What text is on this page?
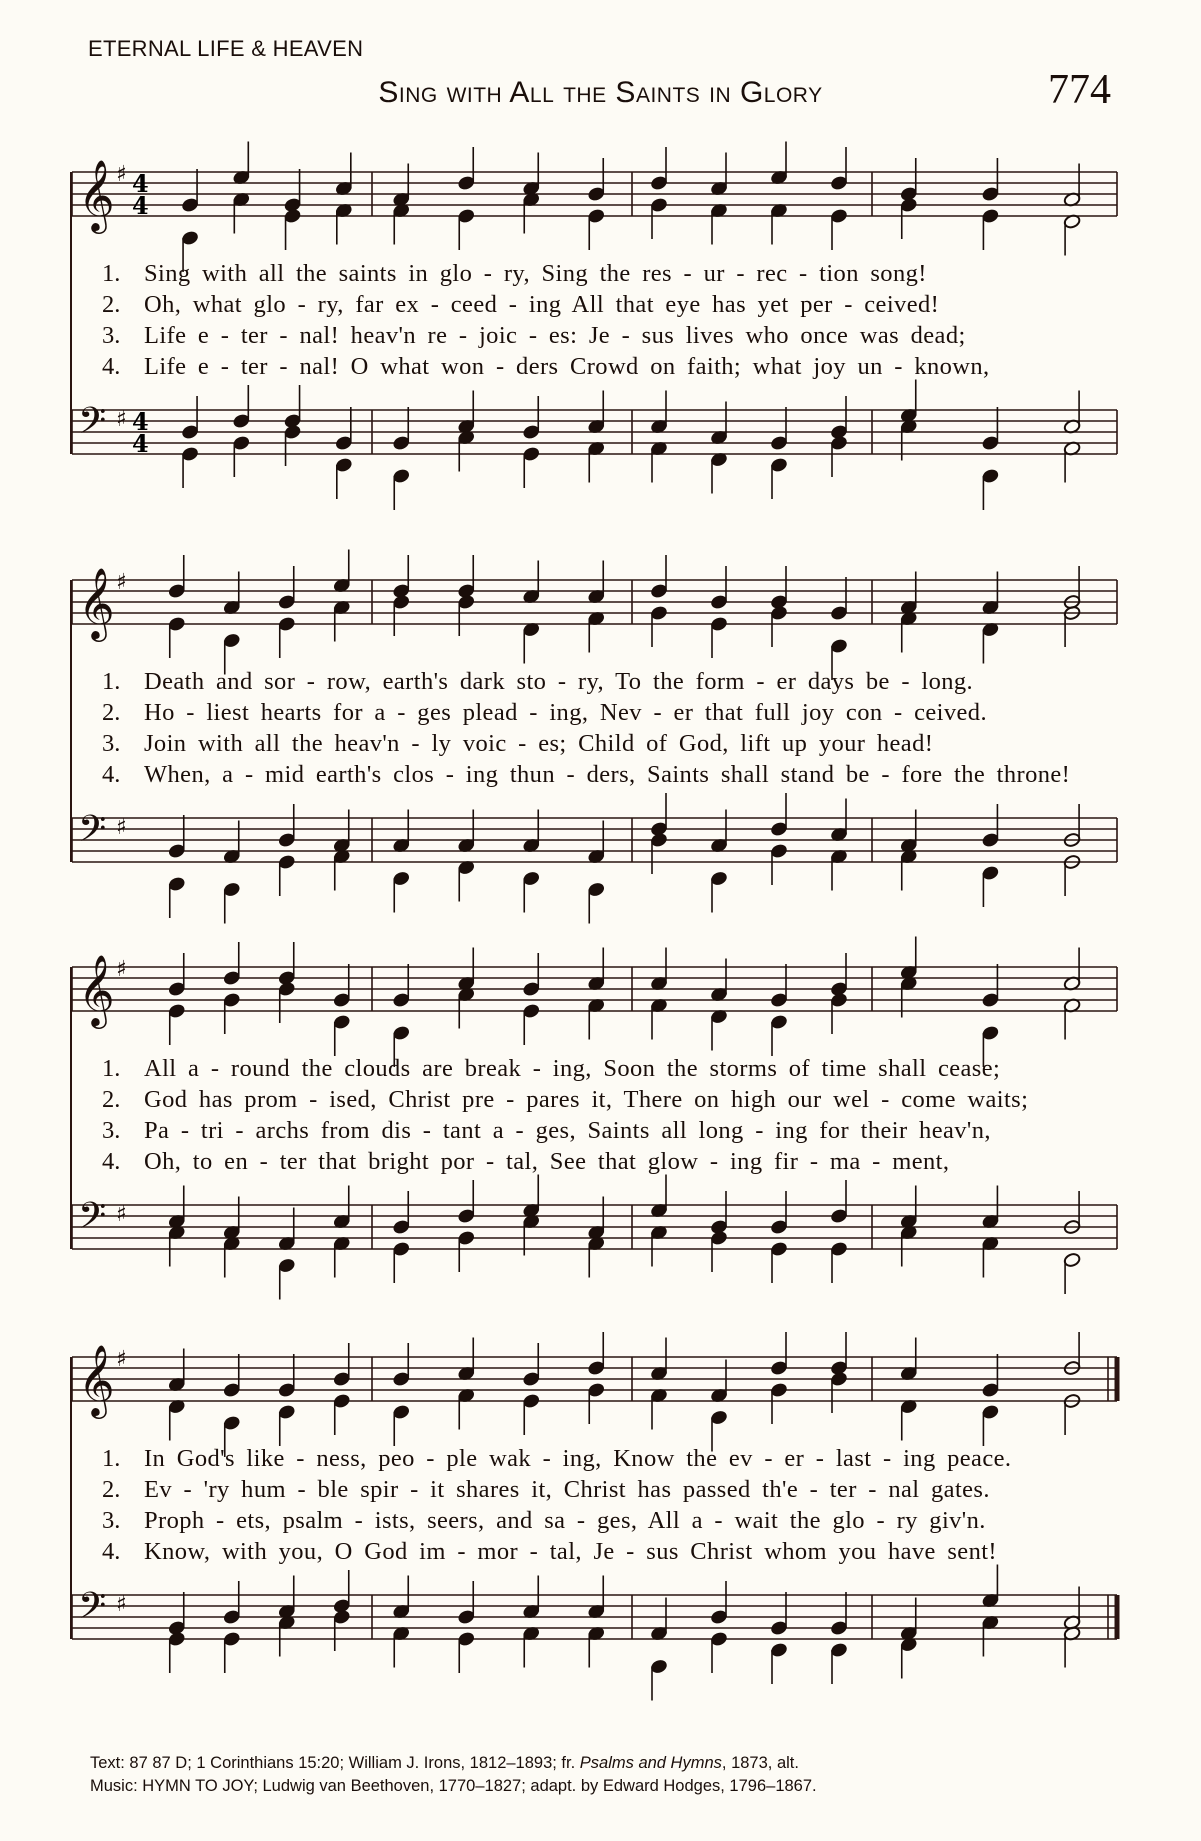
ETERNAL LIFE & HEAVEN
Sing with All the Saints in Glory	774
𝄞 ♯ 4
4
1. Sing with all the saints in glo - ry, Sing the res - ur - rec - tion song!
2. Oh, what glo - ry, far ex - ceed - ing All that eye has yet per - ceived!
3. Life e - ter - nal! heav'n re - joic - es: Je - sus lives who once was dead;
4. Life e - ter - nal! O what won - ders Crowd on faith; what joy un - known,
𝄢 ♯ 4
4
𝄞 ♯
1. Death and sor - row, earth's dark sto - ry, To the form - er days be - long.
2. Ho - liest hearts for a - ges plead - ing, Nev - er that full joy con - ceived.
3. Join with all the heav'n - ly voic - es; Child of God, lift up your head!
4. When, a - mid earth's clos - ing thun - ders, Saints shall stand be - fore the throne!
𝄢 ♯
𝄞 ♯
1. All a - round the clouds are break - ing, Soon the storms of time shall cease;
2. God has prom - ised, Christ pre - pares it, There on high our wel - come waits;
3. Pa - tri - archs from dis - tant a - ges, Saints all long - ing for their heav'n,
4. Oh, to en - ter that bright por - tal, See that glow - ing fir - ma - ment,
𝄢 ♯
𝄞 ♯
1. In God's like - ness, peo - ple wak - ing, Know the ev - er - last - ing peace.
2. Ev - 'ry hum - ble spir - it shares it, Christ has passed th'e - ter - nal gates.
3. Proph - ets, psalm - ists, seers, and sa - ges, All a - wait the glo - ry giv'n.
4. Know, with you, O God im - mor - tal, Je - sus Christ whom you have sent!
𝄢 ♯
Text: 87 87 D; 1 Corinthians 15:20; William J. Irons, 1812–1893; fr. Psalms and Hymns, 1873, alt.
Music: HYMN TO JOY; Ludwig van Beethoven, 1770–1827; adapt. by Edward Hodges, 1796–1867.
